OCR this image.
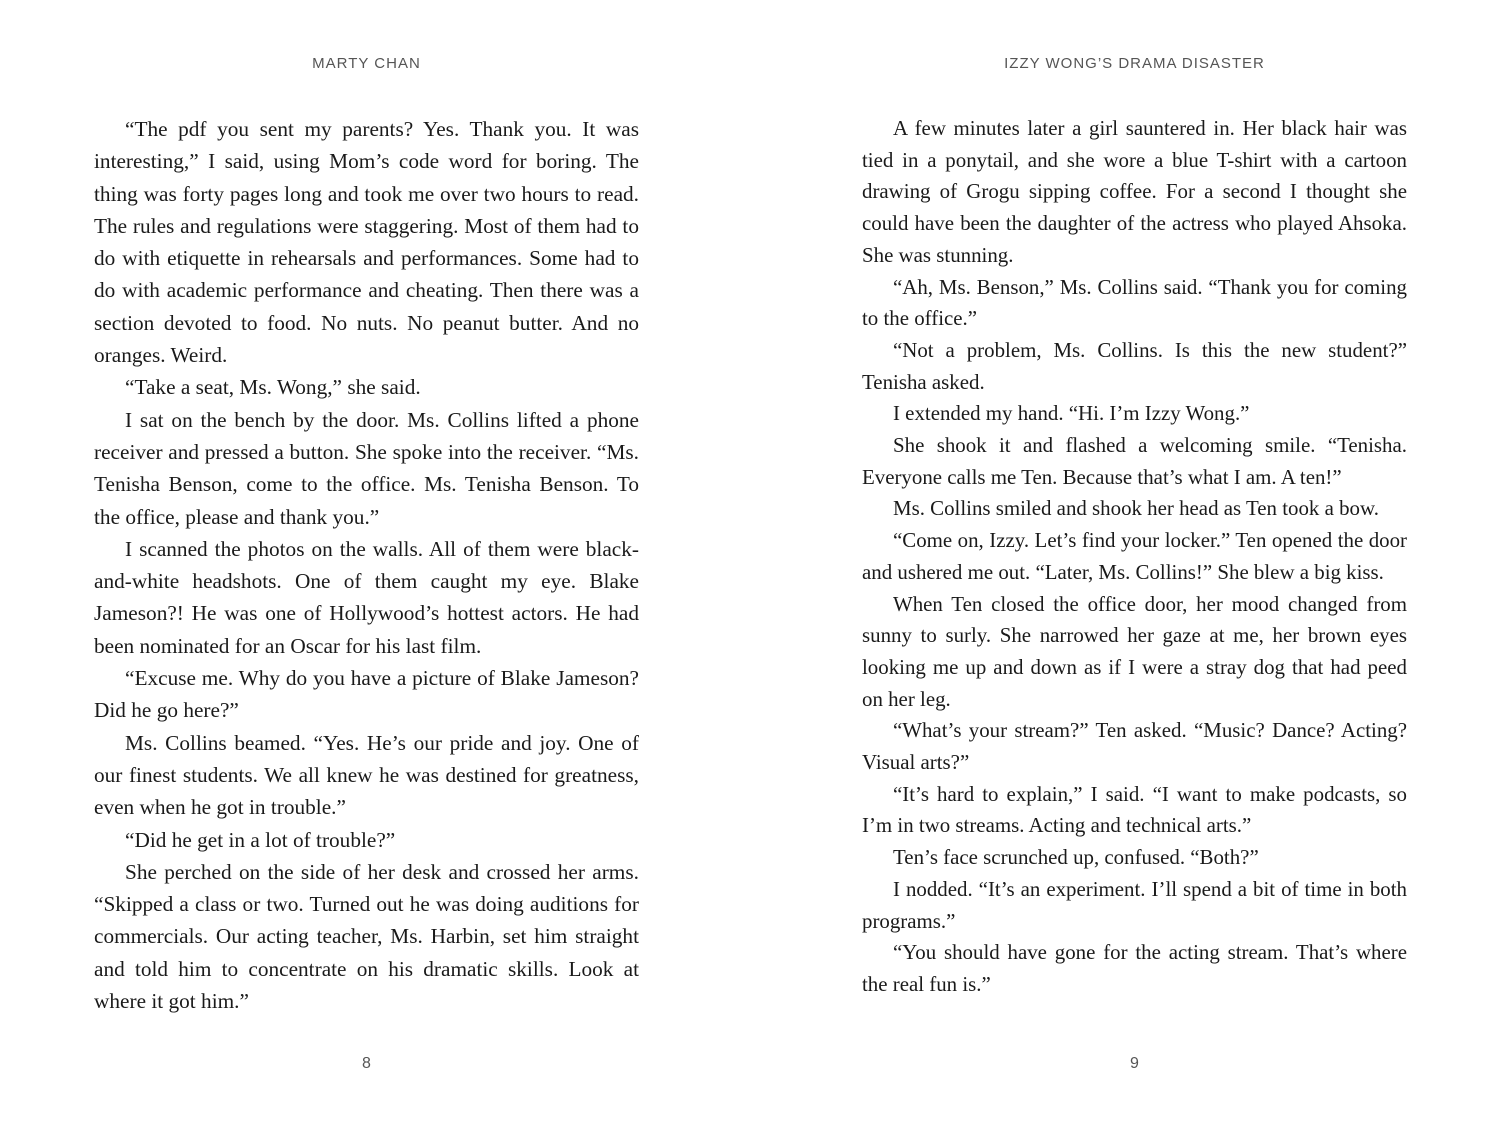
MARTY CHAN

“The pdf you sent my parents? Yes. Thank you. It was interesting,” I said, using Mom’s code word for boring. The thing was forty pages long and took me over two hours to read. The rules and regulations were staggering. Most of them had to do with etiquette in rehearsals and performances. Some had to do with academic performance and cheating. Then there was a section devoted to food. No nuts. No peanut butter. And no oranges. Weird.

“Take a seat, Ms. Wong,” she said.

I sat on the bench by the door. Ms. Collins lifted a phone receiver and pressed a button. She spoke into the receiver. “Ms. Tenisha Benson, come to the office. Ms. Tenisha Benson. To the office, please and thank you.”

I scanned the photos on the walls. All of them were black-and-white headshots. One of them caught my eye. Blake Jameson?! He was one of Hollywood’s hottest actors. He had been nominated for an Oscar for his last film.

“Excuse me. Why do you have a picture of Blake Jameson? Did he go here?”

Ms. Collins beamed. “Yes. He’s our pride and joy. One of our finest students. We all knew he was destined for greatness, even when he got in trouble.”

“Did he get in a lot of trouble?”

She perched on the side of her desk and crossed her arms. “Skipped a class or two. Turned out he was doing auditions for commercials. Our acting teacher, Ms. Harbin, set him straight and told him to concentrate on his dramatic skills. Look at where it got him.”

8
IZZY WONG’S DRAMA DISASTER

A few minutes later a girl sauntered in. Her black hair was tied in a ponytail, and she wore a blue T-shirt with a cartoon drawing of Grogu sipping coffee. For a second I thought she could have been the daughter of the actress who played Ahsoka. She was stunning.

“Ah, Ms. Benson,” Ms. Collins said. “Thank you for coming to the office.”

“Not a problem, Ms. Collins. Is this the new student?” Tenisha asked.

I extended my hand. “Hi. I’m Izzy Wong.”

She shook it and flashed a welcoming smile. “Tenisha. Everyone calls me Ten. Because that’s what I am. A ten!”

Ms. Collins smiled and shook her head as Ten took a bow.

“Come on, Izzy. Let’s find your locker.” Ten opened the door and ushered me out. “Later, Ms. Collins!” She blew a big kiss.

When Ten closed the office door, her mood changed from sunny to surly. She narrowed her gaze at me, her brown eyes looking me up and down as if I were a stray dog that had peed on her leg.

“What’s your stream?” Ten asked. “Music? Dance? Acting? Visual arts?”

“It’s hard to explain,” I said. “I want to make podcasts, so I’m in two streams. Acting and technical arts.”

Ten’s face scrunched up, confused. “Both?”

I nodded. “It’s an experiment. I’ll spend a bit of time in both programs.”

“You should have gone for the acting stream. That’s where the real fun is.”

9
